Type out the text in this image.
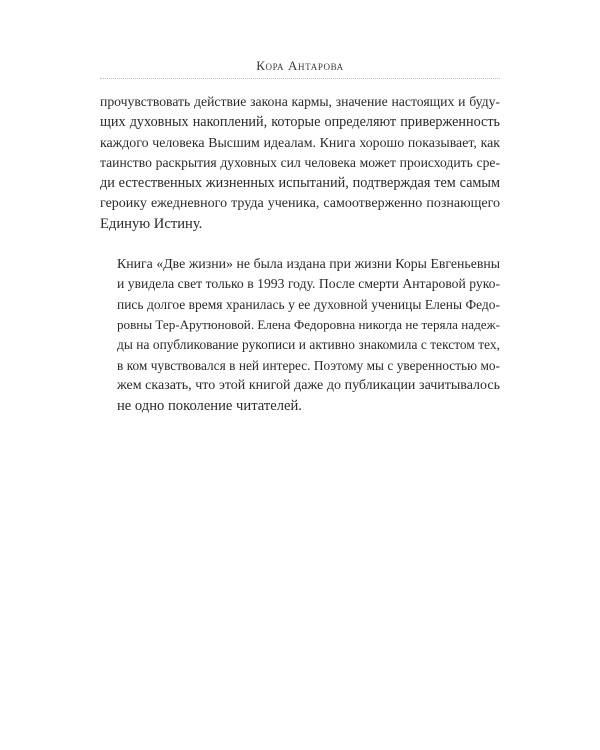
Кора Антарова

прочувствовать действие закона кармы, значение настоящих и буду-
щих духовных накоплений, которые определяют приверженность
каждого человека Высшим идеалам. Книга хорошо показывает, как
таинство раскрытия духовных сил человека может происходить сре-
ди естественных жизненных испытаний, подтверждая тем самым
героику ежедневного труда ученика, самоотверженно познающего
Единую Истину.

Книга «Две жизни» не была издана при жизни Коры Евгеньевны
и увидела свет только в 1993 году. После смерти Антаровой руко-
пись долгое время хранилась у ее духовной ученицы Елены Федо-
ровны Тер-Арутюновой. Елена Федоровна никогда не теряла надеж-
ды на опубликование рукописи и активно знакомила с текстом тех,
в ком чувствовался в ней интерес. Поэтому мы с уверенностью мо-
жем сказать, что этой книгой даже до публикации зачитывалось
не одно поколение читателей.
